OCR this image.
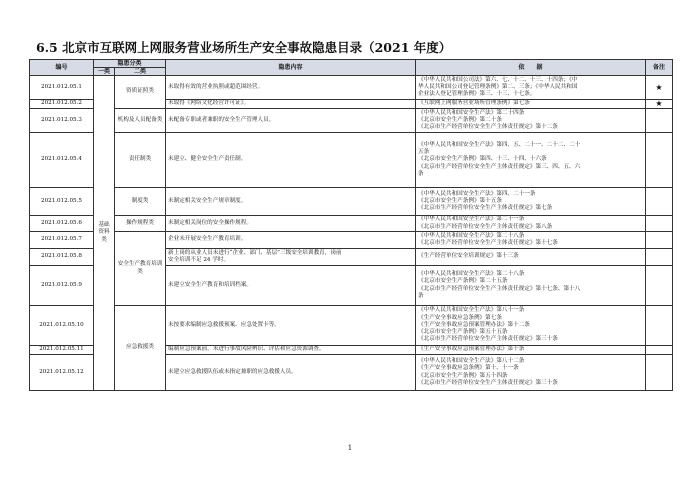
6.5 北京市互联网上网服务营业场所生产安全事故隐患目录（2021 年度）
编号	隐患分类		隐患内容	依　　据	备注
	一类	二类			
2021.012.05.1	基础资料类	资质证照类	未取得有效的营业执照或超范围经营。	《中华人民共和国公司法》第六、七、十二、十三、十四条；《中
华人民共和国公司登记管理条例》第二、三条；《中华人民共和国
企业法人登记管理条例》第三、十三、十七条。	★
2021.012.05.2			未取得《网络文化经营许可证》。	《互联网上网服务营业场所管理条例》第七条	★
2021.012.05.3		机构及人员配备类	未配备专职或者兼职的安全生产管理人员。	《中华人民共和国安全生产法》第二十四条
《北京市安全生产条例》第二十条
《北京市生产经营单位安全生产主体责任规定》第十二条	
2021.012.05.4		责任制类	未建立、健全安全生产责任制。	《中华人民共和国安全生产法》第四、五、二十一、二十二、二十
五条
《北京市安全生产条例》第四、十三、十四、十六条
《北京市生产经营单位安全生产主体责任规定》第三、四、五、六
条	
2021.012.05.5		制度类	未制定相关安全生产规章制度。	《中华人民共和国安全生产法》第四、二十一条
《北京市安全生产条例》第十五条
《北京市生产经营单位安全生产主体责任规定》第七条	
2021.012.05.6		操作规程类	未制定相关岗位的安全操作规程。	《中华人民共和国安全生产法》第二十一条
《北京市生产经营单位安全生产主体责任规定》第八条	
2021.012.05.7		安全生产教育培训类	企业未开展安全生产教育培训。	《中华人民共和国安全生产法》第二十八条
《北京市生产经营单位安全生产主体责任规定》第十七条	
2021.012.05.8			新上岗的从业人员未进行“企业、部门、基层”三级安全培训教育，岗前
安全培训不足 24 学时。	《生产经营单位安全培训规定》第十三条	
2021.012.05.9			未建立安全生产教育和培训档案。	《中华人民共和国安全生产法》第二十八条
《北京市安全生产条例》第二十五条
《北京市生产经营单位安全生产主体责任规定》第十七条、第十八
条	
2021.012.05.10		应急救援类	未按要求编制应急救援预案、应急处置卡等。	《中华人民共和国安全生产法》第八十一条
《生产安全事故应急条例》第七条
《生产安全事故应急预案管理办法》第十二条
《北京市安全生产条例》第五十五条
《北京市生产经营单位安全生产主体责任规定》第三十条	
2021.012.05.11			编制应急预案前，未进行事故风险辨识、评估和应急资源调查。	《生产安全事故应急预案管理办法》第十条	
2021.012.05.12			未建立应急救援队伍或未指定兼职的应急救援人员。	《中华人民共和国安全生产法》第八十二条
《生产安全事故应急条例》第十、十一条
《北京市安全生产条例》第五十四条
《北京市生产经营单位安全生产主体责任规定》第三十条	
1
